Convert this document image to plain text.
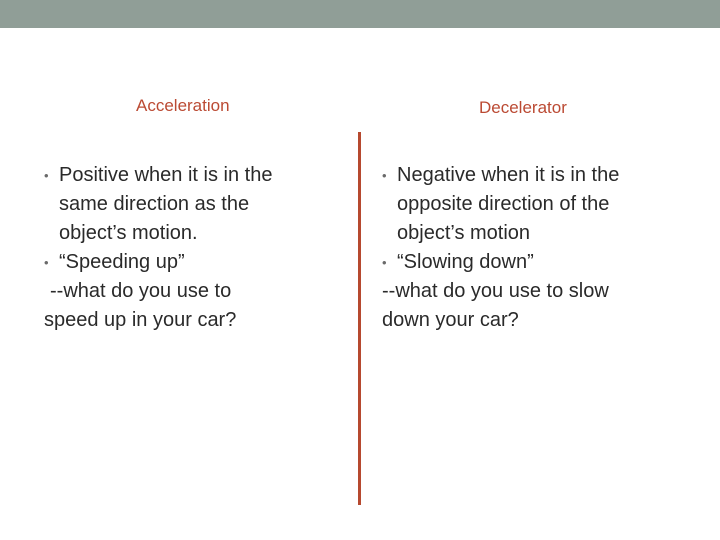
Acceleration	Decelerator
• Positive when it is in the
same direction as the
object’s motion.
• “Speeding up”
--what do you use to
speed up in your car?
• Negative when it is in the
opposite direction of the
object’s motion
• “Slowing down”
--what do you use to slow
down your car?
